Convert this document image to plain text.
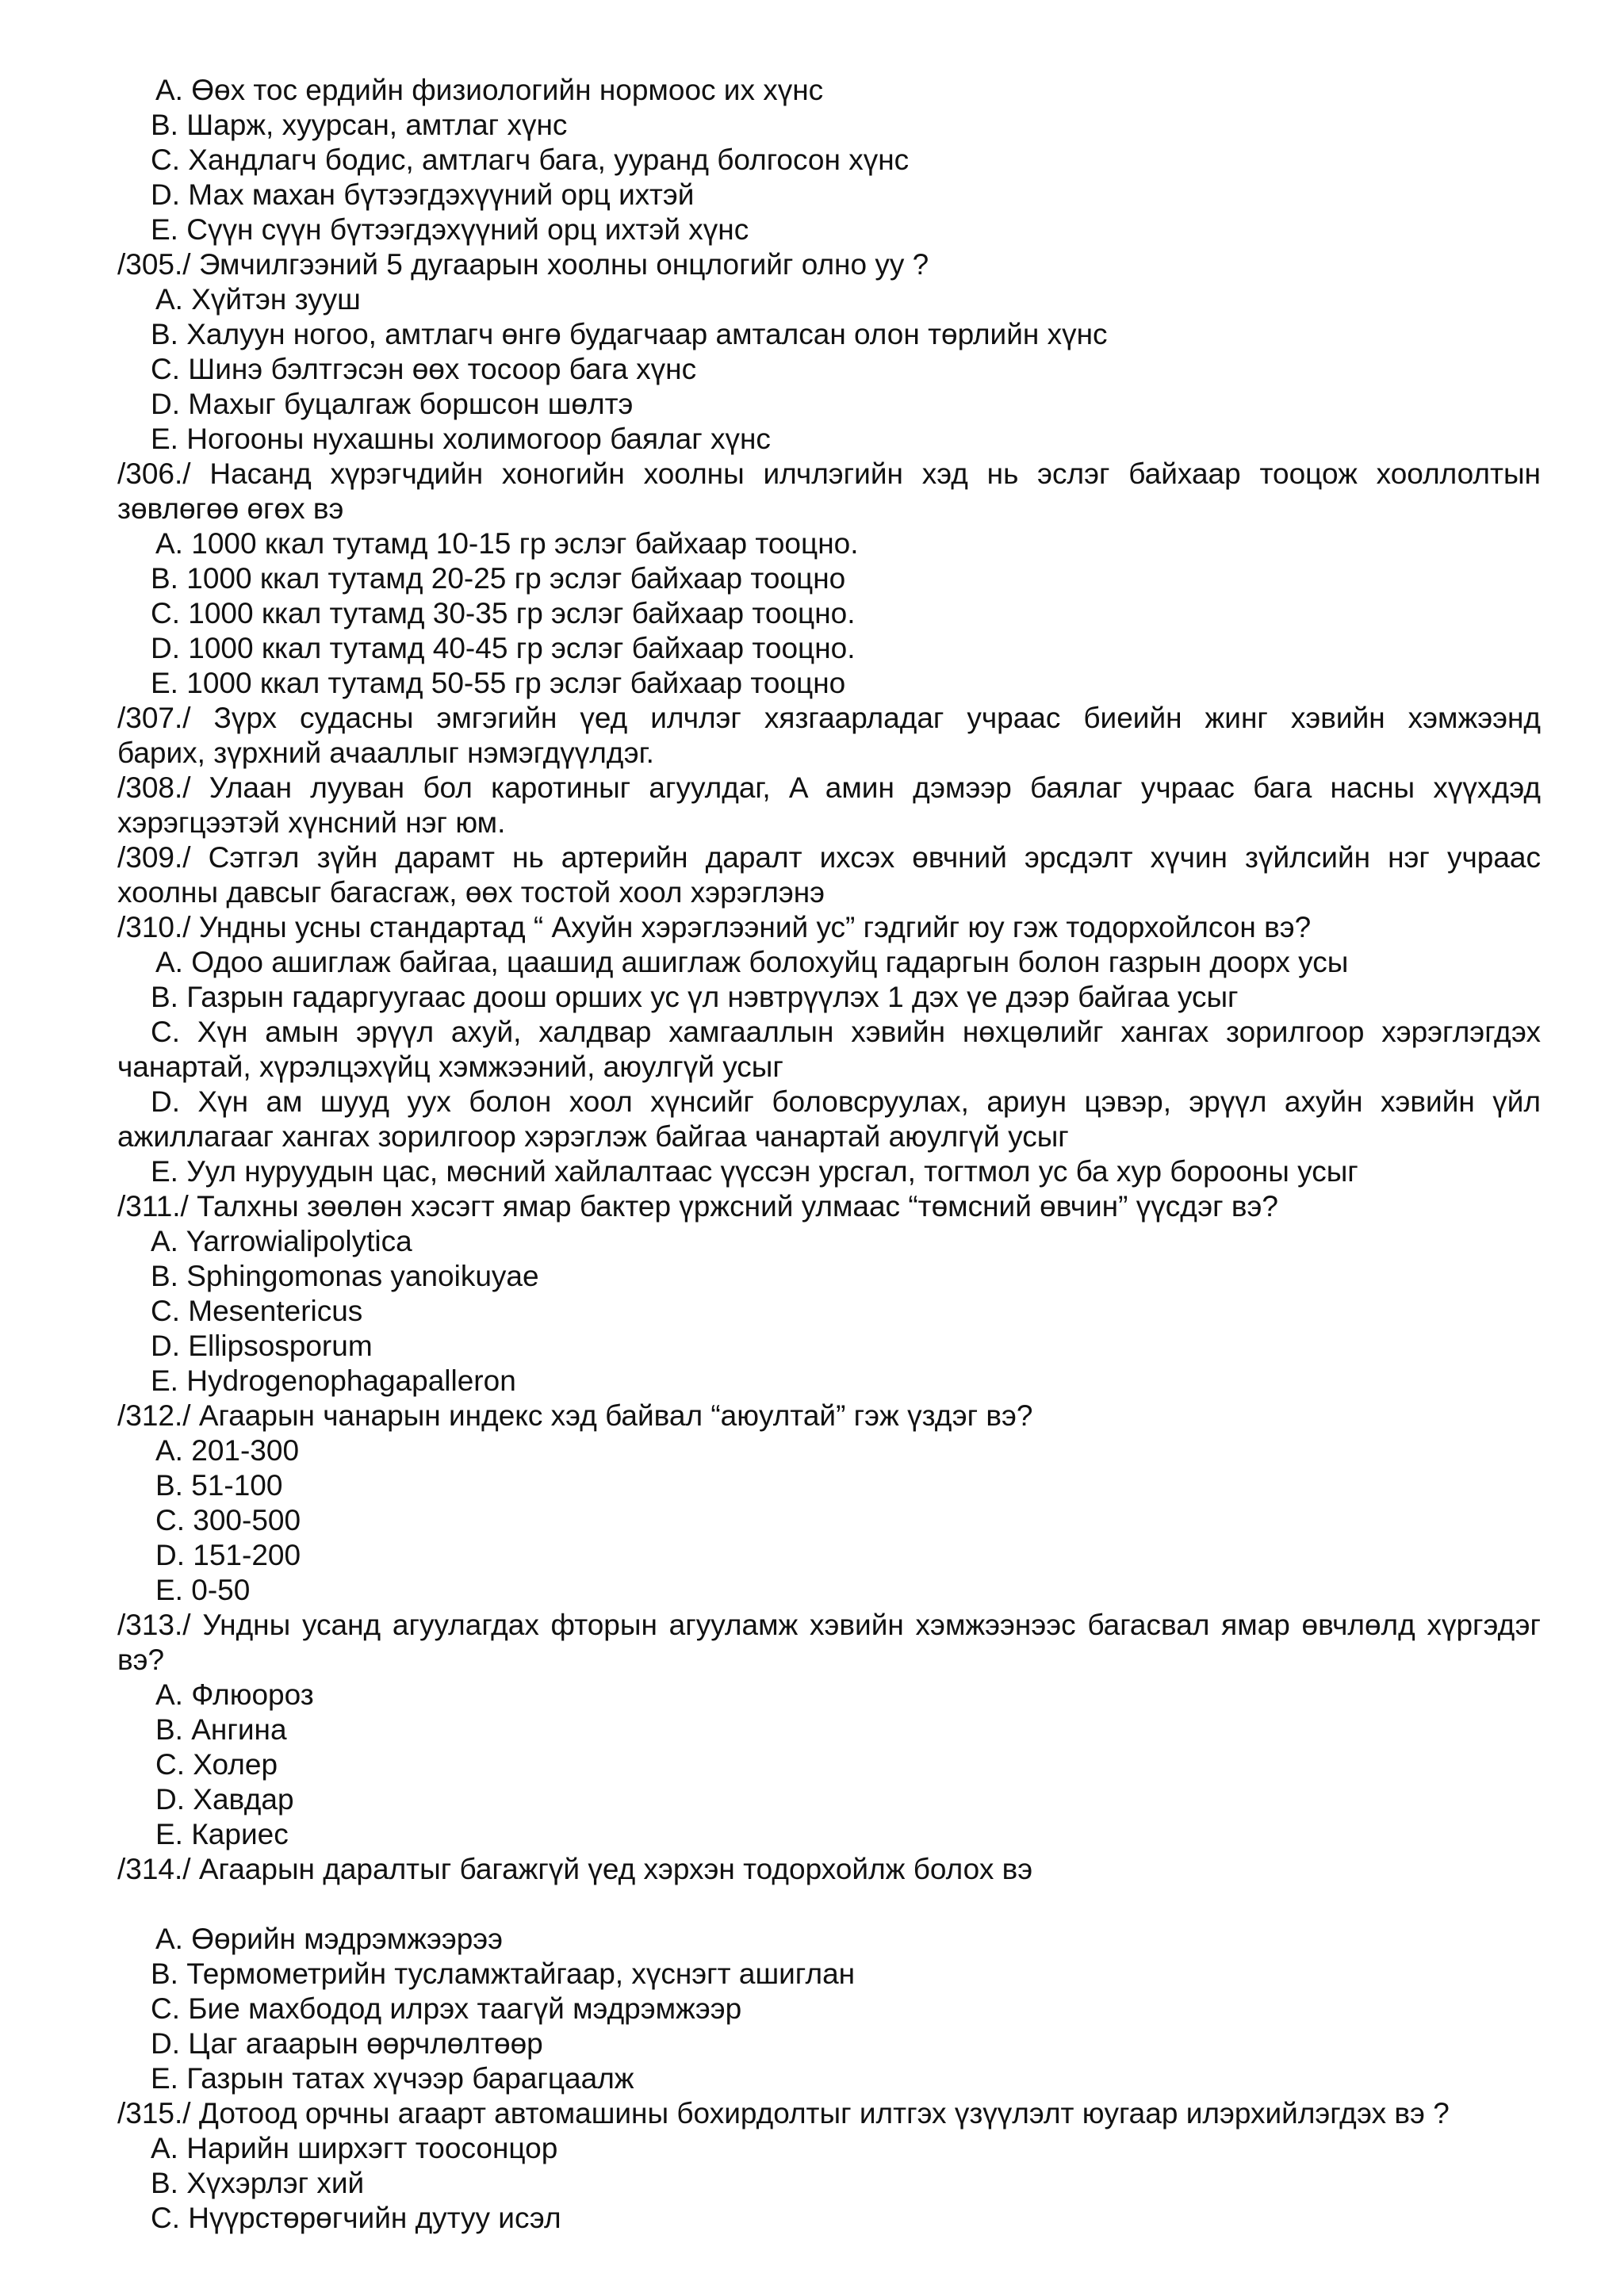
A. Өөх тос ердийн физиологийн нормоос их хүнс
B. Шарж, хуурсан, амтлаг хүнс
C. Хандлагч бодис, амтлагч бага, ууранд болгосон хүнс
D. Мах махан бүтээгдэхүүний орц ихтэй
E. Сүүн сүүн бүтээгдэхүүний орц ихтэй хүнс
/305./ Эмчилгээний 5 дугаарын хоолны онцлогийг олно уу ?
A. Хүйтэн зууш
B. Халуун ногоо, амтлагч өнгө будагчаар амталсан олон төрлийн хүнс
C. Шинэ бэлтгэсэн өөх тосоор бага хүнс
D. Махыг буцалгаж боршсон шөлтэ
E. Ногооны нухашны холимогоор баялаг хүнс
/306./ Насанд хүрэгчдийн хоногийн хоолны илчлэгийн хэд нь эслэг байхаар тооцож хооллолтын
зөвлөгөө өгөх вэ
A. 1000 ккал тутамд 10-15 гр эслэг байхаар тооцно.
B. 1000 ккал тутамд 20-25 гр эслэг байхаар тооцно
C. 1000 ккал тутамд 30-35 гр эслэг байхаар тооцно.
D. 1000 ккал тутамд 40-45 гр эслэг байхаар тооцно.
E. 1000 ккал тутамд 50-55 гр эслэг байхаар тооцно
/307./ Зүрх судасны эмгэгийн үед илчлэг хязгаарладаг учраас биеийн жинг хэвийн хэмжээнд
барих, зүрхний ачааллыг нэмэгдүүлдэг.
/308./ Улаан лууван бол каротиныг агуулдаг, A амин дэмээр баялаг учраас бага насны хүүхдэд
хэрэгцээтэй хүнсний нэг юм.
/309./ Сэтгэл зүйн дарамт нь артерийн даралт ихсэх өвчний эрсдэлт хүчин зүйлсийн нэг учраас
хоолны давсыг багасгаж, өөх тостой хоол хэрэглэнэ
/310./ Ундны усны стандартад “ Ахуйн хэрэглээний ус” гэдгийг юу гэж тодорхойлсон вэ?
A. Одоо ашиглаж байгаа, цаашид ашиглаж болохуйц гадаргын болон газрын доорх усы
B. Газрын гадаргуугаас доош орших ус үл нэвтрүүлэх 1 дэх үе дээр байгаа усыг
C. Хүн амын эрүүл ахуй, халдвар хамгааллын хэвийн нөхцөлийг хангах зорилгоор хэрэглэгдэх
чанартай, хүрэлцэхүйц хэмжээний, аюулгүй усыг
D. Хүн ам шууд уух болон хоол хүнсийг боловсруулах, ариун цэвэр, эрүүл ахуйн хэвийн үйл
ажиллагааг хангах зорилгоор хэрэглэж байгаа чанартай аюулгүй усыг
E. Уул нуруудын цас, мөсний хайлалтаас үүссэн урсгал, тогтмол ус ба хур борооны усыг
/311./ Талхны зөөлөн хэсэгт ямар бактер үржсний улмаас “төмсний өвчин” үүсдэг вэ?
A. Yarrowialipolytica
B. Sphingomonas yanoikuyae
C. Mesentericus
D. Ellipsosporum
E. Hydrogenophagapalleron
/312./ Агаарын чанарын индекс хэд байвал “аюултай” гэж үздэг вэ?
A. 201-300
B. 51-100
C. 300-500
D. 151-200
E. 0-50
/313./ Ундны усанд агуулагдах фторын агууламж хэвийн хэмжээнээс багасвал ямар өвчлөлд хүргэдэг
вэ?
A. Флюороз
B. Ангина
C. Холер
D. Хавдар
E. Кариес
/314./ Агаарын даралтыг багажгүй үед хэрхэн тодорхойлж болох вэ
A. Өөрийн мэдрэмжээрээ
B. Термометрийн тусламжтайгаар, хүснэгт ашиглан
C. Бие махбодод илрэх таагүй мэдрэмжээр
D. Цаг агаарын өөрчлөлтөөр
E. Газрын татах хүчээр барагцаалж
/315./ Дотоод орчны агаарт автомашины бохирдолтыг илтгэх үзүүлэлт юугаар илэрхийлэгдэх вэ ?
A. Нарийн ширхэгт тоосонцор
B. Хүхэрлэг хий
C. Нүүрстөрөгчийн дутуу исэл
